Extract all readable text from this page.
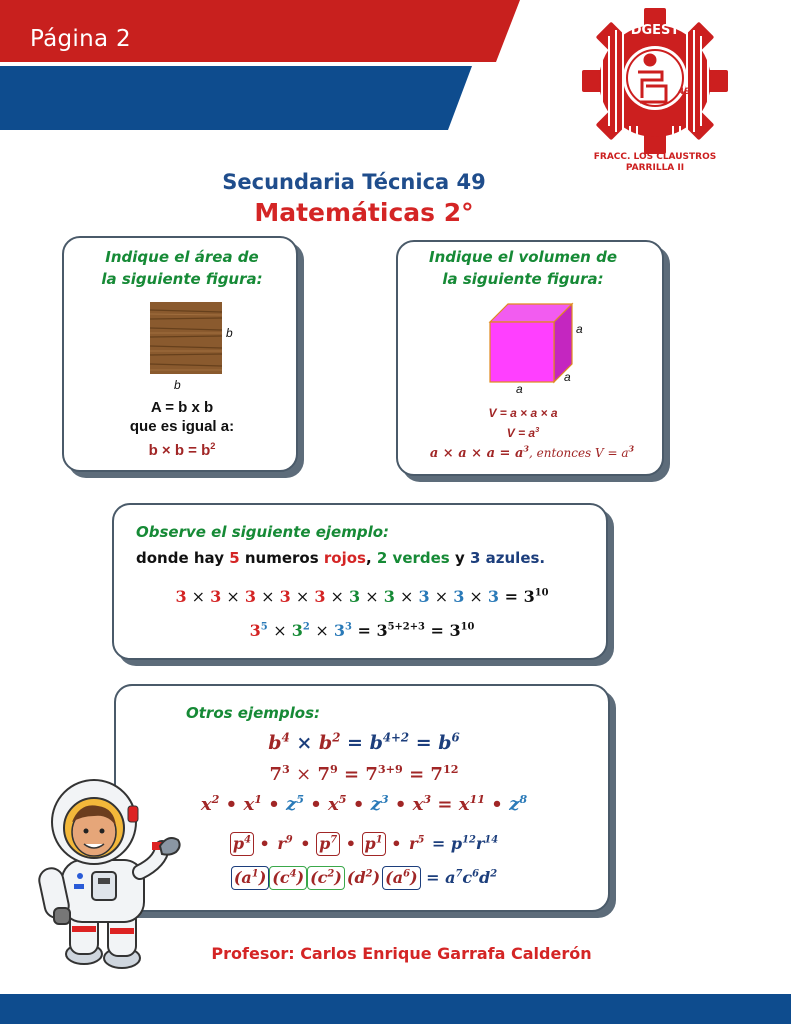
Página 2	DGEST
49
FRACC. LOS CLAUSTROS
PARRILLA II
Secundaria Técnica 49
Matemáticas 2°
Indique el área de
la siguiente figura:
b
b
A = b x b
que es igual a:
$b \times b = b^2$
Indique el volumen de
la siguiente figura:
a
a
a
V = a × a × a
$V = a^3$
$a \times a \times a = a^3$, entonces $V = a^3$
Observe el siguiente ejemplo:
donde hay 5 numeros rojos, 2 verdes y 3 azules.
$3 \times 3 \times 3 \times 3 \times 3 \times 3 \times 3 \times 3 \times 3 \times 3 = 3^{10}$
$3^5 \times 3^2 \times 3^3 = 3^{5+2+3} = 3^{10}$
Otros ejemplos:
$b^4 \times b^2 = b^{4+2} = b^6$
$7^3 \times 7^9 = 7^{3+9} = 7^{12}$
$x^2$ • $x^1$ • $z^5$ • $x^5$ • $z^3$ • $x^3 = x^{11}$ • $z^8$
$p^4$ • $r^9$ • $p^7$ • $p^1$ • $r^5 = p^{12}r^{14}$
$(a^1)$ $(c^4)$ $(c^2)$ $(d^2) (a^6) = a^7c^6d^2$
Profesor: Carlos Enrique Garrafa Calderón
